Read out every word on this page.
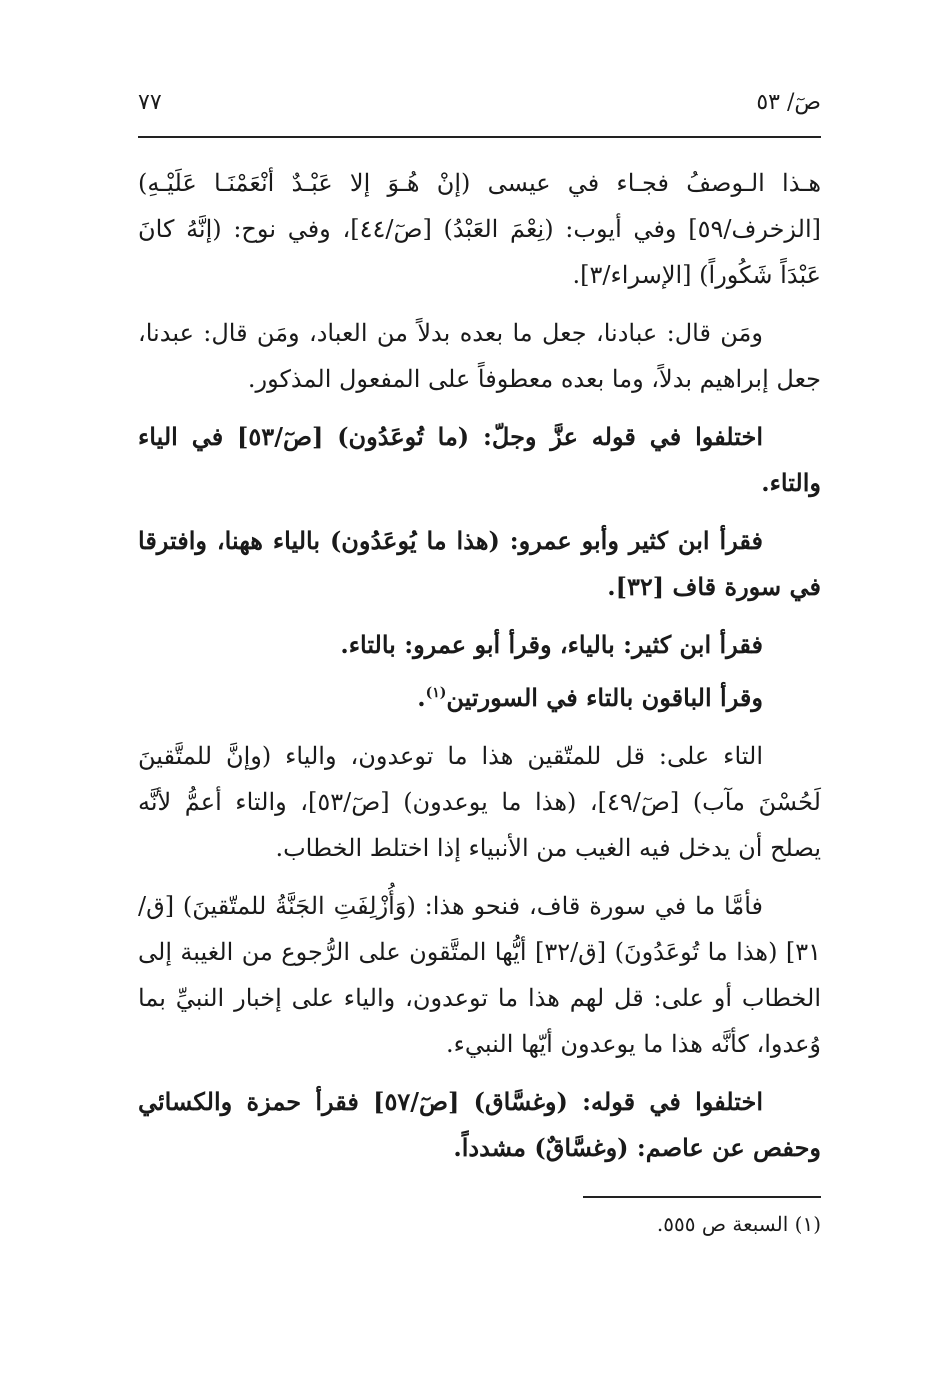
صٓ/ ٥٣
٧٧

هـذا الـوصفُ فجـاء في عيسى (إنْ هُـوَ إلا عَبْـدٌ أنْعَمْنَـا عَلَيْـهِ) [الزخرف/٥٩] وفي أيوب: (نِعْمَ العَبْدُ) [صٓ/٤٤]، وفي نوح: (إنَّهُ كانَ عَبْدَاً شَكُوراً) [الإسراء/٣].

ومَن قال: عبادنا، جعل ما بعده بدلاً من العباد، ومَن قال: عبدنا، جعل إبراهيم بدلاً، وما بعده معطوفاً على المفعول المذكور.

اختلفوا في قوله عزَّ وجلّ: (ما تُوعَدُون) [صٓ/٥٣] في الياء والتاء.

فقرأ ابن كثير وأبو عمرو: (هذا ما يُوعَدُون) بالياء ههنا، وافترقا في سورة قاف [٣٢].

فقرأ ابن كثير: بالياء، وقرأ أبو عمرو: بالتاء.

وقرأ الباقون بالتاء في السورتين$^{(١)}$.

التاء على: قل للمتّقين هذا ما توعدون، والياء (وإنَّ للمتَّقينَ لَحُسْنَ مآب) [صٓ/٤٩]، (هذا ما يوعدون) [صٓ/٥٣]، والتاء أعمُّ لأنَّه يصلح أن يدخل فيه الغيب من الأنبياء إذا اختلط الخطاب.

فأمَّا ما في سورة قاف، فنحو هذا: (وَأُزْلِفَتِ الجَنَّةُ للمتّقينَ) [ق/٣١] (هذا ما تُوعَدُونَ) [ق/٣٢] أيُّها المتَّقون على الرُّجوع من الغيبة إلى الخطاب أو على: قل لهم هذا ما توعدون، والياء على إخبار النبيِّ بما وُعدوا، كأنَّه هذا ما يوعدون أيّها النبيء.

اختلفوا في قوله: (وغسَّاق) [صٓ/٥٧] فقرأ حمزة والكسائي وحفص عن عاصم: (وغسَّاقٌ) مشدداً.

(١) السبعة ص ٥٥٥.
